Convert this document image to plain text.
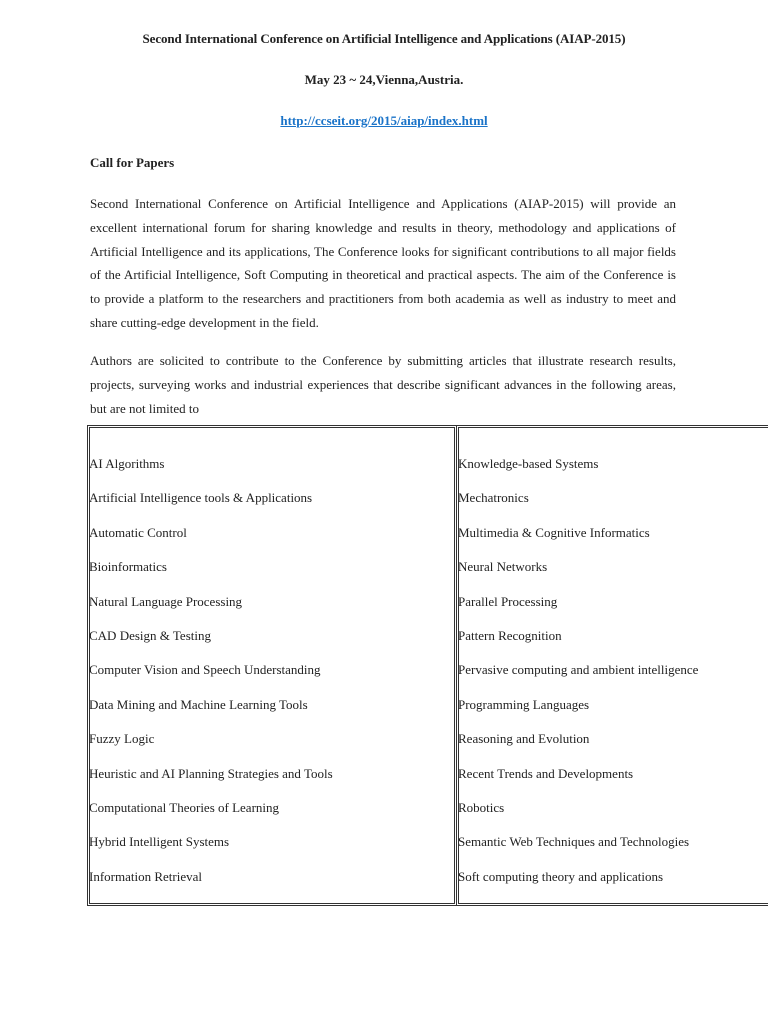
Second International Conference on Artificial Intelligence and Applications (AIAP-2015)
May 23 ~ 24,Vienna,Austria.
http://ccseit.org/2015/aiap/index.html
Call for Papers

Second International Conference on Artificial Intelligence and Applications (AIAP-2015) will provide an excellent international forum for sharing knowledge and results in theory, methodology and applications of Artificial Intelligence and its applications, The Conference looks for significant contributions to all major fields of the Artificial Intelligence, Soft Computing in theoretical and practical aspects. The aim of the Conference is to provide a platform to the researchers and practitioners from both academia as well as industry to meet and share cutting-edge development in the field.

Authors are solicited to contribute to the Conference by submitting articles that illustrate research results, projects, surveying works and industrial experiences that describe significant advances in the following areas, but are not limited to

AI Algorithms
Artificial Intelligence tools & Applications
Automatic Control
Bioinformatics
Natural Language Processing
CAD Design & Testing
Computer Vision and Speech Understanding
Data Mining and Machine Learning Tools
Fuzzy Logic
Heuristic and AI Planning Strategies and Tools
Computational Theories of Learning
Hybrid Intelligent Systems
Information Retrieval
Knowledge-based Systems
Mechatronics
Multimedia & Cognitive Informatics
Neural Networks
Parallel Processing
Pattern Recognition
Pervasive computing and ambient intelligence
Programming Languages
Reasoning and Evolution
Recent Trends and Developments
Robotics
Semantic Web Techniques and Technologies
Soft computing theory and applications
